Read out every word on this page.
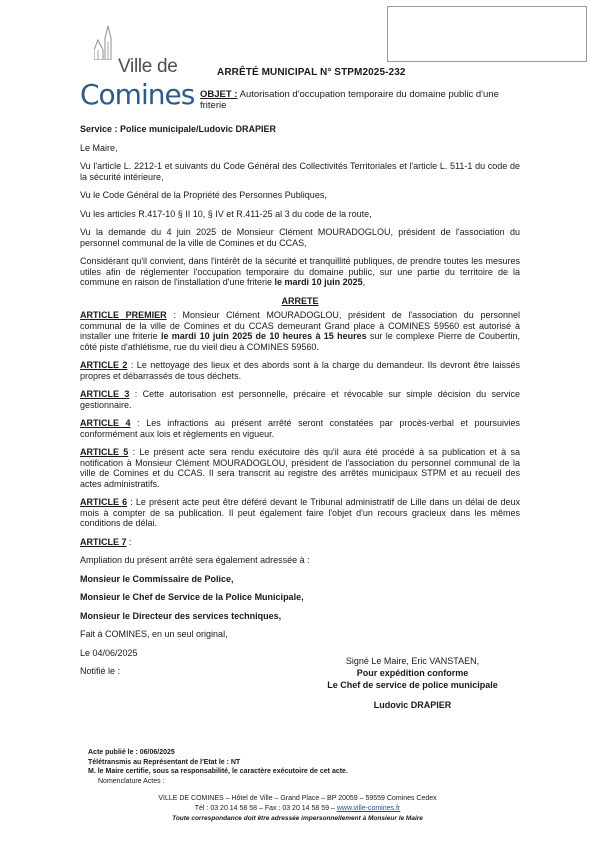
Ville de
Comines
ARRÊTÉ MUNICIPAL N° STPM2025-232
OBJET : Autorisation d'occupation temporaire du domaine public d'une friterie

Service : Police municipale/Ludovic DRAPIER

Le Maire,

Vu l'article L. 2212-1 et suivants du Code Général des Collectivités Territoriales et l'article L. 511-1 du code de la sécurité intérieure,

Vu le Code Général de la Propriété des Personnes Publiques,

Vu les articles R.417-10 § II 10, § IV et R.411-25 al 3 du code de la route,

Vu la demande du 4 juin 2025 de Monsieur Clément MOURADOGLOU, président de l'association du personnel communal de la ville de Comines et du CCAS,

Considérant qu'il convient, dans l'intérêt de la sécurité et tranquillité publiques, de prendre toutes les mesures utiles afin de réglementer l'occupation temporaire du domaine public, sur une partie du territoire de la commune en raison de l'installation d'une friterie le mardi 10 juin 2025,

ARRETE

ARTICLE PREMIER : Monsieur Clément MOURADOGLOU, président de l'association du personnel communal de la ville de Comines et du CCAS demeurant Grand place à COMINES 59560 est autorisé à installer une friterie le mardi 10 juin 2025 de 10 heures à 15 heures sur le complexe Pierre de Coubertin, côté piste d'athlétisme, rue du vieil dieu à COMINES 59560.

ARTICLE 2 : Le nettoyage des lieux et des abords sont à la charge du demandeur. Ils devront être laissés propres et débarrassés de tous déchets.

ARTICLE 3 : Cette autorisation est personnelle, précaire et révocable sur simple décision du service gestionnaire.

ARTICLE 4 : Les infractions au présent arrêté seront constatées par procès-verbal et poursuivies conformément aux lois et règlements en vigueur.

ARTICLE 5 : Le présent acte sera rendu exécutoire dès qu'il aura été procédé à sa publication et à sa notification à Monsieur Clément MOURADOGLOU, président de l'association du personnel communal de la ville de Comines et du CCAS. Il sera transcrit au registre des arrêtés municipaux STPM et au recueil des actes administratifs.

ARTICLE 6 : Le présent acte peut être déféré devant le Tribunal administratif de Lille dans un délai de deux mois à compter de sa publication. Il peut également faire l'objet d'un recours gracieux dans les mêmes conditions de délai.

ARTICLE 7 :

Ampliation du présent arrêté sera également adressée à :

Monsieur le Commissaire de Police,

Monsieur le Chef de Service de la Police Municipale,

Monsieur le Directeur des services techniques,

Fait à COMINES, en un seul original,

Le 04/06/2025

Notifié le :

Signé Le Maire, Eric VANSTAEN,
Pour expédition conforme
Le Chef de service de police municipale
Ludovic DRAPIER
Acte publié le : 06/06/2025
Télétransmis au Représentant de l'Etat le : NT
M. le Maire certifie, sous sa responsabilité, le caractère exécutoire de cet acte.
Nomenclature Actes :
VILLE DE COMINES – Hôtel de Ville – Grand Place – BP 20059 – 59559 Comines Cedex
Tél : 03 20 14 58 58 – Fax : 03 20 14 58 59 – www.ville-comines.fr
Toute correspondance doit être adressée impersonnellement à Monsieur le Maire
